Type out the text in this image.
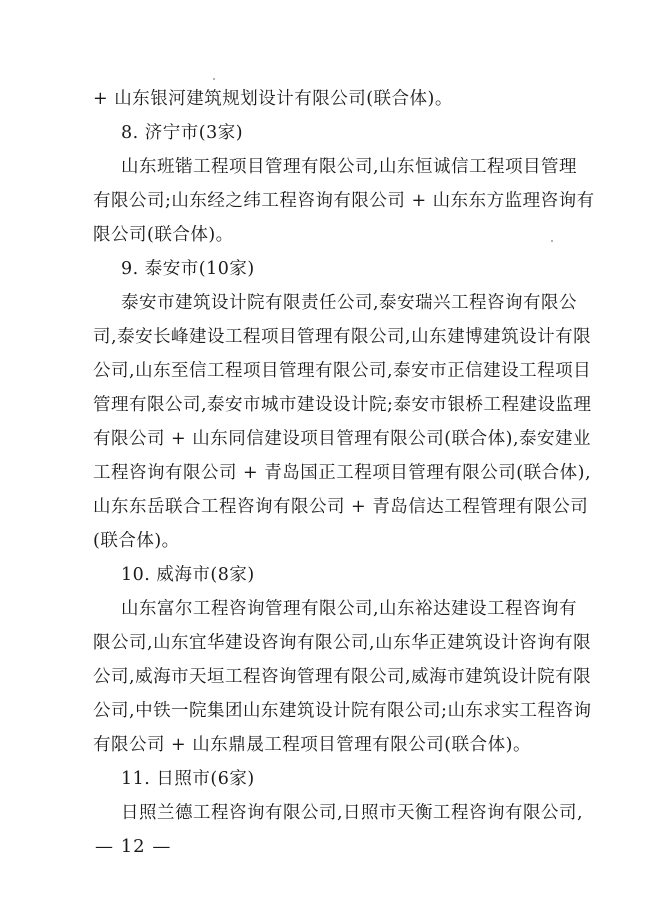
+ 山东银河建筑规划设计有限公司(联合体)。
8. 济宁市(3家)
山东班锴工程项目管理有限公司,山东恒诚信工程项目管理
有限公司;山东经之纬工程咨询有限公司 + 山东东方监理咨询有
限公司(联合体)。
9. 泰安市(10家)
泰安市建筑设计院有限责任公司,泰安瑞兴工程咨询有限公
司,泰安长峰建设工程项目管理有限公司,山东建博建筑设计有限
公司,山东至信工程项目管理有限公司,泰安市正信建设工程项目
管理有限公司,泰安市城市建设设计院;泰安市银桥工程建设监理
有限公司 + 山东同信建设项目管理有限公司(联合体),泰安建业
工程咨询有限公司 + 青岛国正工程项目管理有限公司(联合体),
山东东岳联合工程咨询有限公司 + 青岛信达工程管理有限公司
(联合体)。
10. 威海市(8家)
山东富尔工程咨询管理有限公司,山东裕达建设工程咨询有
限公司,山东宜华建设咨询有限公司,山东华正建筑设计咨询有限
公司,威海市天垣工程咨询管理有限公司,威海市建筑设计院有限
公司,中铁一院集团山东建筑设计院有限公司;山东求实工程咨询
有限公司 + 山东鼎晟工程项目管理有限公司(联合体)。
11. 日照市(6家)
日照兰德工程咨询有限公司,日照市天衡工程咨询有限公司,
— 12 —
